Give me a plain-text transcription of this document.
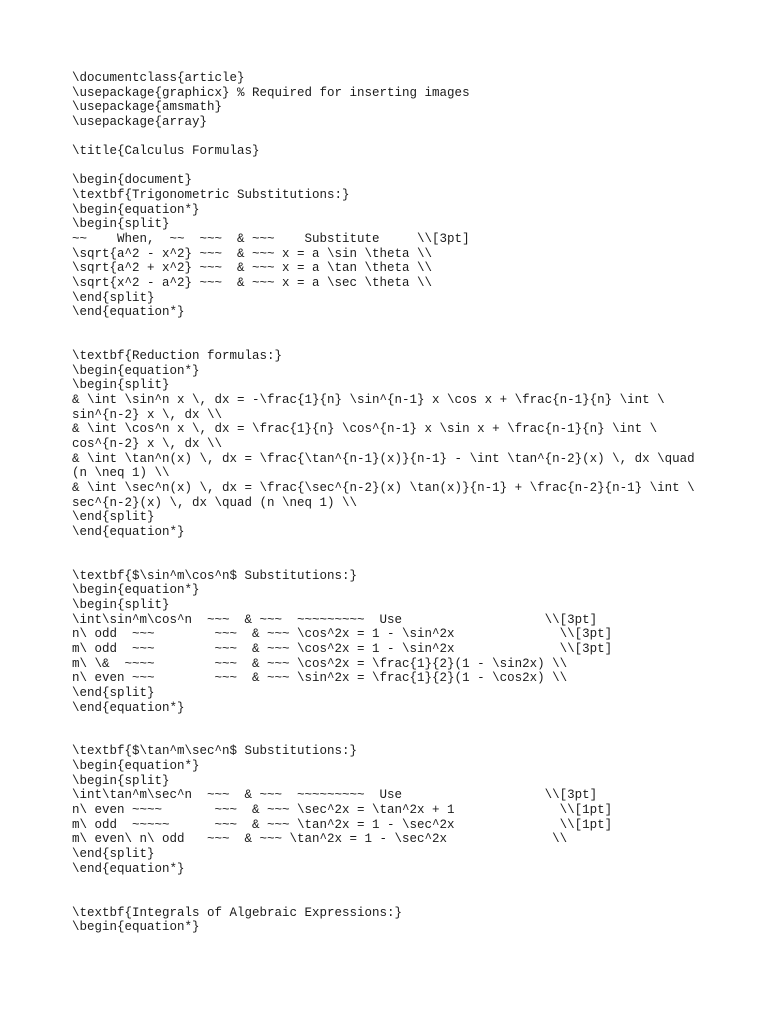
\documentclass{article}
\usepackage{graphicx} % Required for inserting images
\usepackage{amsmath}
\usepackage{array}
\title{Calculus Formulas}
\begin{document}
\textbf{Trigonometric Substitutions:}
\begin{equation*}
\begin{split}
~~    When,  ~~  ~~~  & ~~~    Substitute     \\[3pt]
\sqrt{a^2 - x^2} ~~~  & ~~~ x = a \sin \theta \\
\sqrt{a^2 + x^2} ~~~  & ~~~ x = a \tan \theta \\
\sqrt{x^2 - a^2} ~~~  & ~~~ x = a \sec \theta \\
\end{split}
\end{equation*}
\textbf{Reduction formulas:}
\begin{equation*}
\begin{split}
& \int \sin^n x \, dx = -\frac{1}{n} \sin^{n-1} x \cos x + \frac{n-1}{n} \int \
sin^{n-2} x \, dx \\
& \int \cos^n x \, dx = \frac{1}{n} \cos^{n-1} x \sin x + \frac{n-1}{n} \int \
cos^{n-2} x \, dx \\
& \int \tan^n(x) \, dx = \frac{\tan^{n-1}(x)}{n-1} - \int \tan^{n-2}(x) \, dx \quad
(n \neq 1) \\
& \int \sec^n(x) \, dx = \frac{\sec^{n-2}(x) \tan(x)}{n-1} + \frac{n-2}{n-1} \int \
sec^{n-2}(x) \, dx \quad (n \neq 1) \\
\end{split}
\end{equation*}
\textbf{$\sin^m\cos^n$ Substitutions:}
\begin{equation*}
\begin{split}
\int\sin^m\cos^n  ~~~  & ~~~  ~~~~~~~~~  Use                   \\[3pt]
n\ odd  ~~~        ~~~  & ~~~ \cos^2x = 1 - \sin^2x              \\[3pt]
m\ odd  ~~~        ~~~  & ~~~ \cos^2x = 1 - \sin^2x              \\[3pt]
m\ \&  ~~~~        ~~~  & ~~~ \cos^2x = \frac{1}{2}(1 - \sin2x) \\
n\ even ~~~        ~~~  & ~~~ \sin^2x = \frac{1}{2}(1 - \cos2x) \\
\end{split}
\end{equation*}
\textbf{$\tan^m\sec^n$ Substitutions:}
\begin{equation*}
\begin{split}
\int\tan^m\sec^n  ~~~  & ~~~  ~~~~~~~~~  Use                   \\[3pt]
n\ even ~~~~       ~~~  & ~~~ \sec^2x = \tan^2x + 1              \\[1pt]
m\ odd  ~~~~~      ~~~  & ~~~ \tan^2x = 1 - \sec^2x              \\[1pt]
m\ even\ n\ odd   ~~~  & ~~~ \tan^2x = 1 - \sec^2x              \\
\end{split}
\end{equation*}
\textbf{Integrals of Algebraic Expressions:}
\begin{equation*}
